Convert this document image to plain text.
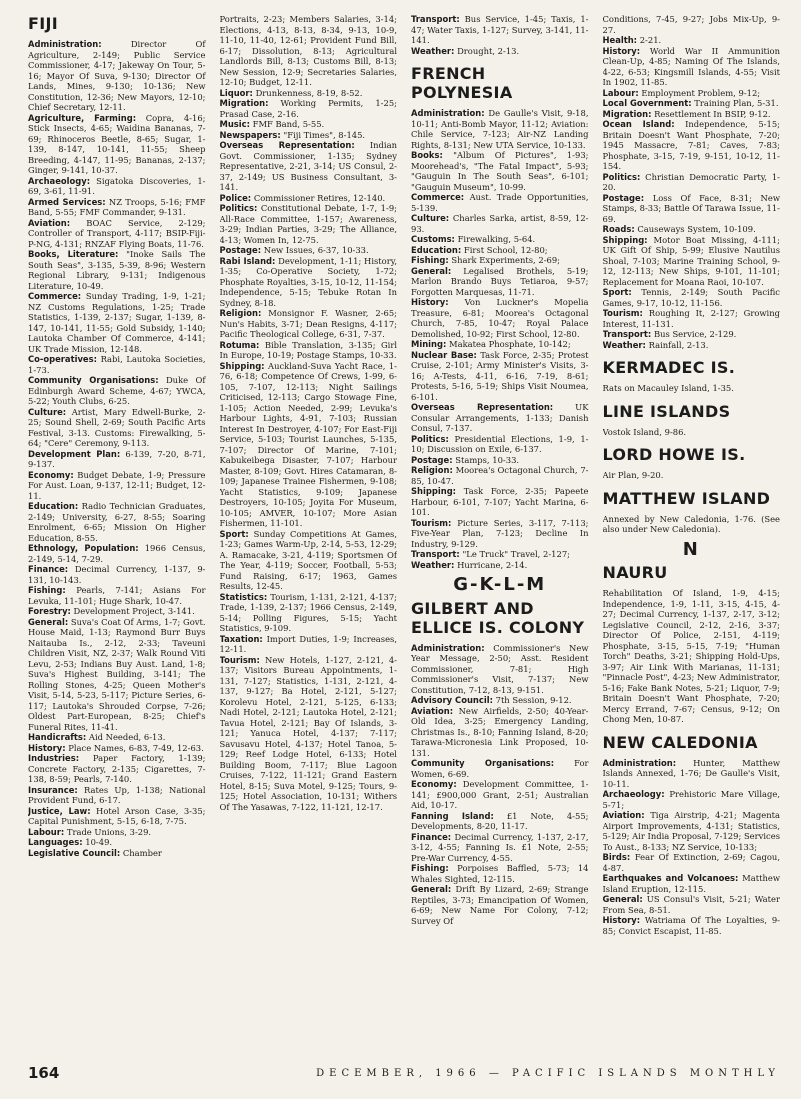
FIJI

Administration:	Director Of Agriculture, 2-149; Public Service Commissioner, 4-17; Jakeway On Tour, 5-16; Mayor Of Suva, 9-130; Director Of Lands, Mines, 9-130; 10-136; New Constitution, 12-36; New Mayors, 12-10; Chief Secretary, 12-11.

Agriculture, Farming: Copra, 4-16; Stick Insects, 4-65; Waidina Bananas, 7-69; Rhinoceros Beetle, 8-65; Sugar, 1-139, 8-147, 10-141, 11-55; Sheep Breeding, 4-147, 11-95; Bananas, 2-137; Ginger, 9-141, 10-37.

Archaeology: Sigatoka Discoveries, 1-69, 3-61, 11-91.

Armed Services: NZ Troops, 5-16; FMF Band, 5-55; FMF Commander, 9-131.

Aviation: BOAC Service, 2-129; Controller of Transport, 4-117; BSIP-Fiji-P-NG, 4-131; RNZAF Flying Boats, 11-76.

Books, Literature: "Inoke Sails The South Seas", 3-135, 5-39, 8-96; Western Regional Library, 9-131; Indigenous Literature, 10-49.

Commerce: Sunday Trading, 1-9, 1-21; NZ Customs Regulations, 1-25; Trade Statistics, 1-139, 2-137; Sugar, 1-139, 8-147, 10-141, 11-55; Gold Subsidy, 1-140; Lautoka Chamber Of Commerce, 4-141; UK Trade Mission, 12-148.

Co-operatives: Rabi, Lautoka Societies, 1-73.

Community Organisations: Duke Of Edinburgh Award Scheme, 4-67; YWCA, 5-22; Youth Clubs, 6-25.

Culture: Artist, Mary Edwell-Burke, 2-25; Sound Shell, 2-69; South Pacific Arts Festival, 3-13. Customs: Firewalking, 5-64; "Cere" Ceremony, 9-113.

Development Plan: 6-139, 7-20, 8-71, 9-137.

Economy: Budget Debate, 1-9; Pressure For Aust. Loan, 9-137, 12-11; Budget, 12-11.

Education: Radio Technician Graduates, 2-149; University, 6-27, 8-55; Soaring Enrolment, 6-65; Mission On Higher Education, 8-55.

Ethnology, Population: 1966 Census, 2-149, 5-14, 7-29.

Finance: Decimal Currency, 1-137, 9-131, 10-143.

Fishing: Pearls, 7-141; Asians For Levuka, 11-101; Huge Shark, 10-47.

Forestry: Development Project, 3-141.

General: Suva's Coat Of Arms, 1-7; Govt. House Maid, 1-13; Raymond Burr Buys Naitauba Is., 2-12, 2-33; Taveuni Children Visit, NZ, 2-37; Walk Round Viti Levu, 2-53; Indians Buy Aust. Land, 1-8; Suva's Highest Building, 3-141; The Rolling Stones, 4-25; Queen Mother's Visit, 5-14, 5-23, 5-117; Picture Series, 6-117; Lautoka's Shrouded Corpse, 7-26; Oldest Part-European, 8-25; Chief's Funeral Rites, 11-41.

Handicrafts: Aid Needed, 6-13.

History: Place Names, 6-83, 7-49, 12-63.

Industries: Paper Factory, 1-139; Concrete Factory, 2-135; Cigarettes, 7-138, 8-59; Pearls, 7-140.

Insurance: Rates Up, 1-138; National Provident Fund, 6-17.

Justice, Law: Hotel Arson Case, 3-35; Capital Punishment, 5-15, 6-18, 7-75.

Labour: Trade Unions, 3-29.

Languages: 10-49.

Legislative Council: Chamber

Portraits, 2-23; Members Salaries, 3-14; Elections, 4-13, 8-13, 8-34, 9-13, 10-9, 11-10, 11-40, 12-61; Provident Fund Bill, 6-17; Dissolution, 8-13; Agricultural Landlords Bill, 8-13; Customs Bill, 8-13; New Session, 12-9; Secretaries Salaries, 12-10; Budget, 12-11.

Liquor: Drunkenness, 8-19, 8-52.

Migration: Working Permits, 1-25; Prasad Case, 2-16.

Music: FMF Band, 5-55.

Newspapers: "Fiji Times", 8-145.

Overseas Representation: Indian Govt. Commissioner, 1-135; Sydney Representative, 2-21, 3-14; US Consul, 2-37, 2-149; US Business Consultant, 3-141.

Police: Commissioner Retires, 12-140.

Politics: Constitutional Debate, 1-7, 1-9; All-Race Committee, 1-157; Awareness, 3-29; Indian Parties, 3-29; The Alliance, 4-13; Women In, 12-75.

Postage: New Issues, 6-37, 10-33.

Rabi Island: Development, 1-11; History, 1-35; Co-Operative Society, 1-72; Phosphate Royalties, 3-15, 10-12, 11-154; Independence, 5-15; Tebuke Rotan In Sydney, 8-18.

Religion: Monsignor F. Wasner, 2-65; Nun's Habits, 3-71; Dean Resigns, 4-117; Pacific Theological College, 6-31, 7-37.

Rotuma: Bible Translation, 3-135; Girl In Europe, 10-19; Postage Stamps, 10-33.

Shipping: Auckland-Suva Yacht Race, 1-76, 6-18; Competence Of Crews, 1-99, 6-105, 7-107, 12-113; Night Sailings Criticised, 12-113; Cargo Stowage Fine, 1-105; Action Needed, 2-99; Levuka's Harbour Lights, 4-91, 7-103; Russian Interest In Destroyer, 4-107; For East-Fiji Service, 5-103; Tourist Launches, 5-135, 7-107; Director Of Marine, 7-101; Kabukeibega Disaster, 7-107; Harbour Master, 8-109; Govt. Hires Catamaran, 8-109; Japanese Trainee Fishermen, 9-108; Yacht Statistics, 9-109; Japanese Destroyers, 10-105; Joyita For Museum, 10-105; AMVER, 10-107; More Asian Fishermen, 11-101.

Sport: Sunday Competitions At Games, 1-23; Games Warm-Up, 2-14, 5-53, 12-29; A. Ramacake, 3-21, 4-119; Sportsmen Of The Year, 4-119; Soccer, Football, 5-53; Fund Raising, 6-17; 1963, Games Results, 12-45.

Statistics: Tourism, 1-131, 2-121, 4-137; Trade, 1-139, 2-137; 1966 Census, 2-149, 5-14; Polling Figures, 5-15; Yacht Statistics, 9-109.

Taxation: Import Duties, 1-9; Increases, 12-11.

Tourism: New Hotels, 1-127, 2-121, 4-137; Visitors Bureau Appointments, 1-131, 7-127; Statistics, 1-131, 2-121, 4-137, 9-127; Ba Hotel, 2-121, 5-127; Korolevu Hotel, 2-121, 5-125, 6-133; Nadi Hotel, 2-121; Lautoka Hotel, 2-121; Tavua Hotel, 2-121; Bay Of Islands, 3-121; Yanuca Hotel, 4-137; 7-117; Savusavu Hotel, 4-137; Hotel Tanoa, 5-129; Reef Lodge Hotel, 6-133; Hotel Building Boom, 7-117; Blue Lagoon Cruises, 7-122, 11-121; Grand Eastern Hotel, 8-15; Suva Motel, 9-125; Tours, 9-125; Hotel Association, 10-131; Withers Of The Yasawas, 7-122, 11-121, 12-17.

Transport: Bus Service, 1-45; Taxis, 1-47; Water Taxis, 1-127; Survey, 3-141, 11-141.

Weather: Drought, 2-13.

FRENCH POLYNESIA

Administration: De Gaulle's Visit, 9-18, 10-11; Anti-Bomb Mayor, 11-12; Aviation: Chile Service, 7-123; Air-NZ Landing Rights, 8-131; New UTA Service, 10-133.

Books: "Album Of Pictures", 1-93; Moorehead's, "The Fatal Impact", 5-93; "Gauguin In The South Seas", 6-101; "Gauguin Museum", 10-99.

Commerce: Aust. Trade Opportunities, 5-139.

Culture: Charles Sarka, artist, 8-59, 12-93.

Customs: Firewalking, 5-64.

Education: First School, 12-80;

Fishing: Shark Experiments, 2-69;

General: Legalised Brothels, 5-19; Marlon Brando Buys Tetiaroa, 9-57; Forgotten Marquesas, 11-71.

History: Von Luckner's Mopelia Treasure, 6-81; Moorea's Octagonal Church, 7-85, 10-47; Royal Palace Demolished, 10-92; First School, 12-80.

Mining: Makatea Phosphate, 10-142;

Nuclear Base: Task Force, 2-35; Protest Cruise, 2-101; Army Minister's Visits, 3-16; A-Tests, 4-11, 6-16, 7-19, 8-61; Protests, 5-16, 5-19; Ships Visit Noumea, 6-101.

Overseas Representation:	UK Consular Arrangements, 1-133; Danish Consul, 7-137.

Politics: Presidential Elections, 1-9, 1-10; Discussion on Exile, 6-137.

Postage: Stamps, 10-33.

Religion: Moorea's Octagonal Church, 7-85, 10-47.

Shipping: Task Force, 2-35; Papeete Harbour, 6-101, 7-107; Yacht Marina, 6-101.

Tourism: Picture Series, 3-117, 7-113; Five-Year Plan, 7-123; Decline In Industry, 9-129.

Transport: "Le Truck" Travel, 2-127;

Weather: Hurricane, 2-14.

G-K-L-M
GILBERT AND ELLICE IS. COLONY

Administration: Commissioner's New Year Message, 2-50; Asst. Resident Commissioner, 7-81; High Commissioner's Visit, 7-137; New Constitution, 7-12, 8-13, 9-151.

Advisory Council: 7th Session, 9-12.

Aviation: New Airfields, 2-50; 40-Year-Old Idea, 3-25; Emergency Landing, Christmas Is., 8-10; Fanning Island, 8-20; Tarawa-Micronesia Link Proposed, 10-131.

Community Organisations: For Women, 6-69.

Economy: Development Committee, 1-141; £900,000 Grant, 2-51; Australian Aid, 10-17.

Fanning Island: £1 Note, 4-55; Developments, 8-20, 11-17.

Finance: Decimal Currency, 1-137, 2-17, 3-12, 4-55; Fanning Is. £1 Note, 2-55; Pre-War Currency, 4-55.

Fishing: Porpoises Baffled, 5-73; 14 Whales Sighted, 12-115.

General: Drift By Lizard, 2-69; Strange Reptiles, 3-73; Emancipation Of Women, 6-69; New Name For Colony, 7-12; Survey Of

Conditions, 7-45, 9-27; Jobs Mix-Up, 9-27.

Health: 2-21.

History: World War II Ammunition Clean-Up, 4-85; Naming Of The Islands, 4-22, 6-53; Kingsmill Islands, 4-55; Visit In 1902, 11-85.

Labour: Employment Problem, 9-12;

Local Government: Training Plan, 5-31.

Migration: Resettlement In BSIP, 9-12.

Ocean Island: Independence, 5-15; Britain Doesn't Want Phosphate, 7-20; 1945 Massacre, 7-81; Caves, 7-83; Phosphate, 3-15, 7-19, 9-151, 10-12, 11-154.

Politics: Christian Democratic Party, 1-20.

Postage: Loss Of Face, 8-31; New Stamps, 8-33; Battle Of Tarawa Issue, 11-69.

Roads: Causeways System, 10-109.

Shipping: Motor Boat Missing, 4-111; UK Gift Of Ship, 5-99; Elusive Nautilus Shoal, 7-103; Marine Training School, 9-12, 12-113; New Ships, 9-101, 11-101; Replacement for Moana Raoi, 10-107.

Sport: Tennis, 2-149; South Pacific Games, 9-17, 10-12, 11-156.

Tourism: Roughing It, 2-127; Growing Interest, 11-131.

Transport: Bus Service, 2-129.

Weather: Rainfall, 2-13.

KERMADEC IS.

Rats on Macauley Island, 1-35.

LINE ISLANDS

Vostok Island, 9-86.

LORD HOWE IS.

Air Plan, 9-20.

MATTHEW ISLAND

Annexed by New Caledonia, 1-76. (See also under New Caledonia).

N
NAURU

Rehabilitation Of Island, 1-9, 4-15; Independence, 1-9, 1-11, 3-15, 4-15, 4-27; Decimal Currency, 1-137, 2-17, 3-12; Legislative Council, 2-12, 2-16, 3-37; Director Of Police, 2-151, 4-119; Phosphate, 3-15, 5-15, 7-19; "Human Torch" Deaths, 3-21; Shipping Hold-Ups, 3-97; Air Link With Marianas, 11-131; "Pinnacle Post", 4-23; New Administrator, 5-16; Fake Bank Notes, 5-21; Liquor, 7-9; Britain Doesn't Want Phosphate, 7-20; Mercy Errand, 7-67; Census, 9-12; On Chong Men, 10-87.

NEW CALEDONIA

Administration: Hunter, Matthew Islands Annexed, 1-76; De Gaulle's Visit, 10-11.

Archaeology: Prehistoric Mare Village, 5-71;

Aviation: Tiga Airstrip, 4-21; Magenta Airport Improvements, 4-131; Statistics, 5-129; Air India Proposal, 7-129; Services To Aust., 8-133; NZ Service, 10-133;

Birds: Fear Of Extinction, 2-69; Cagou, 4-87.

Earthquakes and Volcanoes: Matthew Island Eruption, 12-115.

General: US Consul's Visit, 5-21; Water From Sea, 8-51.

History: Watriama Of The Loyalties, 9-85; Convict Escapist, 11-85.

164	DECEMBER, 1966 — PACIFIC ISLANDS MONTHLY
